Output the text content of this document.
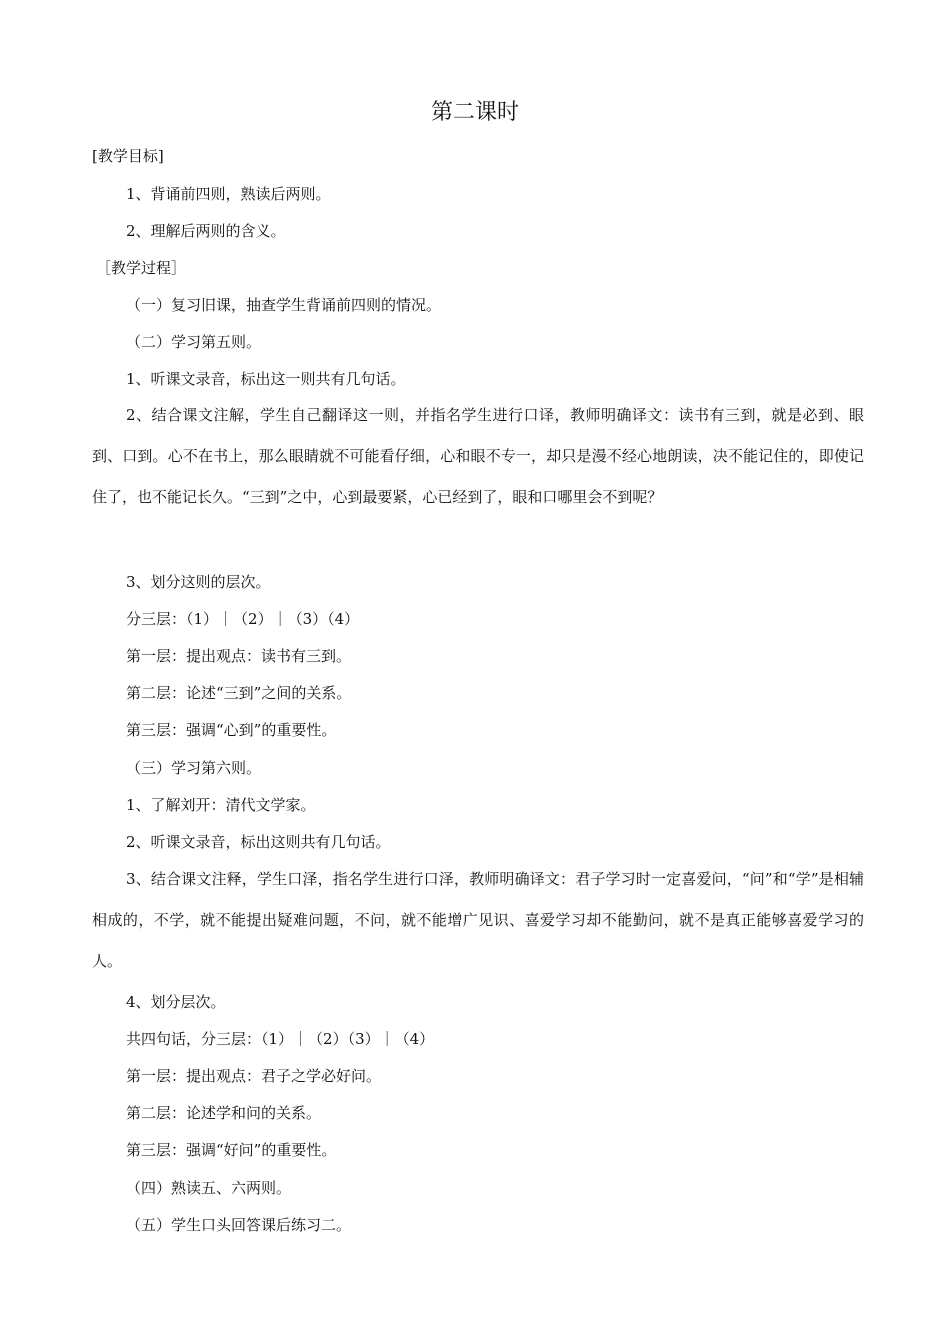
第二课时
[教学目标]
1、背诵前四则，熟读后两则。
2、理解后两则的含义。
［教学过程］
（一）复习旧课，抽查学生背诵前四则的情况。
（二）学习第五则。
1、听课文录音，标出这一则共有几句话。
2、结合课文注解，学生自己翻译这一则，并指名学生进行口译，教师明确译文：读书有三到，就是必到、眼到、口到。心不在书上，那么眼睛就不可能看仔细，心和眼不专一，却只是漫不经心地朗读，决不能记住的，即使记住了，也不能记长久。“三到”之中，心到最要紧，心已经到了，眼和口哪里会不到呢？
3、划分这则的层次。
分三层：（1）｜（2）｜（3）（4）
第一层：提出观点：读书有三到。
第二层：论述“三到”之间的关系。
第三层：强调“心到”的重要性。
（三）学习第六则。
1、了解刘开：清代文学家。
2、听课文录音，标出这则共有几句话。
3、结合课文注释，学生口泽，指名学生进行口泽，教师明确译文：君子学习时一定喜爱问，“问”和“学”是相辅相成的，不学，就不能提出疑难问题，不问，就不能增广见识、喜爱学习却不能勤问，就不是真正能够喜爱学习的人。
4、划分层次。
共四句话，分三层：（1）｜（2）（3）｜（4）
第一层：提出观点：君子之学必好问。
第二层：论述学和问的关系。
第三层：强调“好问”的重要性。
（四）熟读五、六两则。
（五）学生口头回答课后练习二。
